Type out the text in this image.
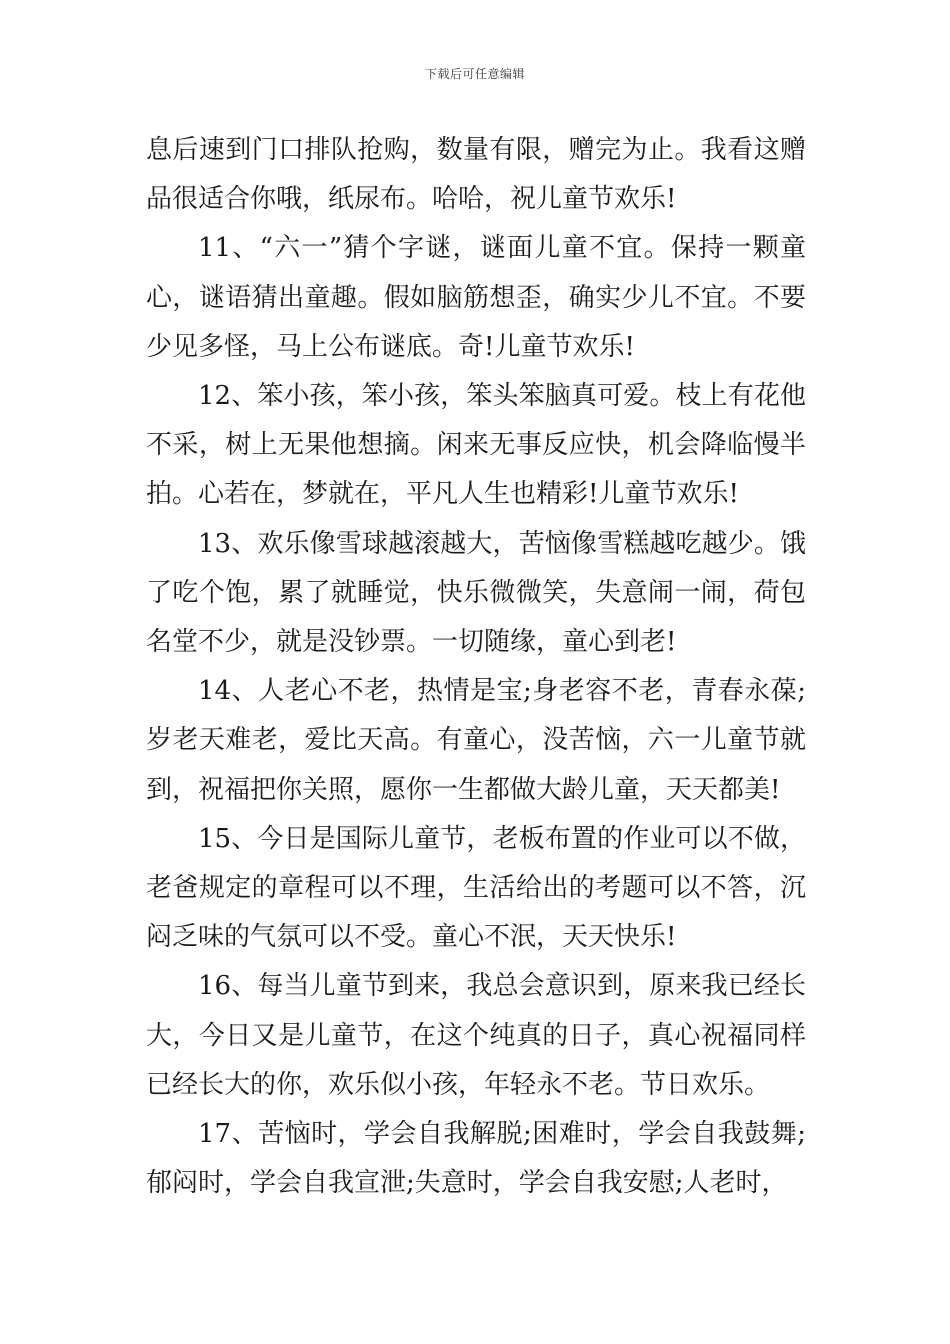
下载后可任意编辑

息后速到门口排队抢购，数量有限，赠完为止。我看这赠品很适合你哦，纸尿布。哈哈，祝儿童节欢乐!

11、“六一”猜个字谜，谜面儿童不宜。保持一颗童心，谜语猜出童趣。假如脑筋想歪，确实少儿不宜。不要少见多怪，马上公布谜底。奇!儿童节欢乐!

12、笨小孩，笨小孩，笨头笨脑真可爱。枝上有花他不采，树上无果他想摘。闲来无事反应快，机会降临慢半拍。心若在，梦就在，平凡人生也精彩!儿童节欢乐!

13、欢乐像雪球越滚越大，苦恼像雪糕越吃越少。饿了吃个饱，累了就睡觉，快乐微微笑，失意闹一闹，荷包名堂不少，就是没钞票。一切随缘，童心到老!

14、人老心不老，热情是宝;身老容不老，青春永葆;岁老天难老，爱比天高。有童心，没苦恼，六一儿童节就到，祝福把你关照，愿你一生都做大龄儿童，天天都美!

15、今日是国际儿童节，老板布置的作业可以不做，老爸规定的章程可以不理，生活给出的考题可以不答，沉闷乏味的气氛可以不受。童心不泯，天天快乐!

16、每当儿童节到来，我总会意识到，原来我已经长大，今日又是儿童节，在这个纯真的日子，真心祝福同样已经长大的你，欢乐似小孩，年轻永不老。节日欢乐。

17、苦恼时，学会自我解脱;困难时，学会自我鼓舞;郁闷时，学会自我宣泄;失意时，学会自我安慰;人老时，
